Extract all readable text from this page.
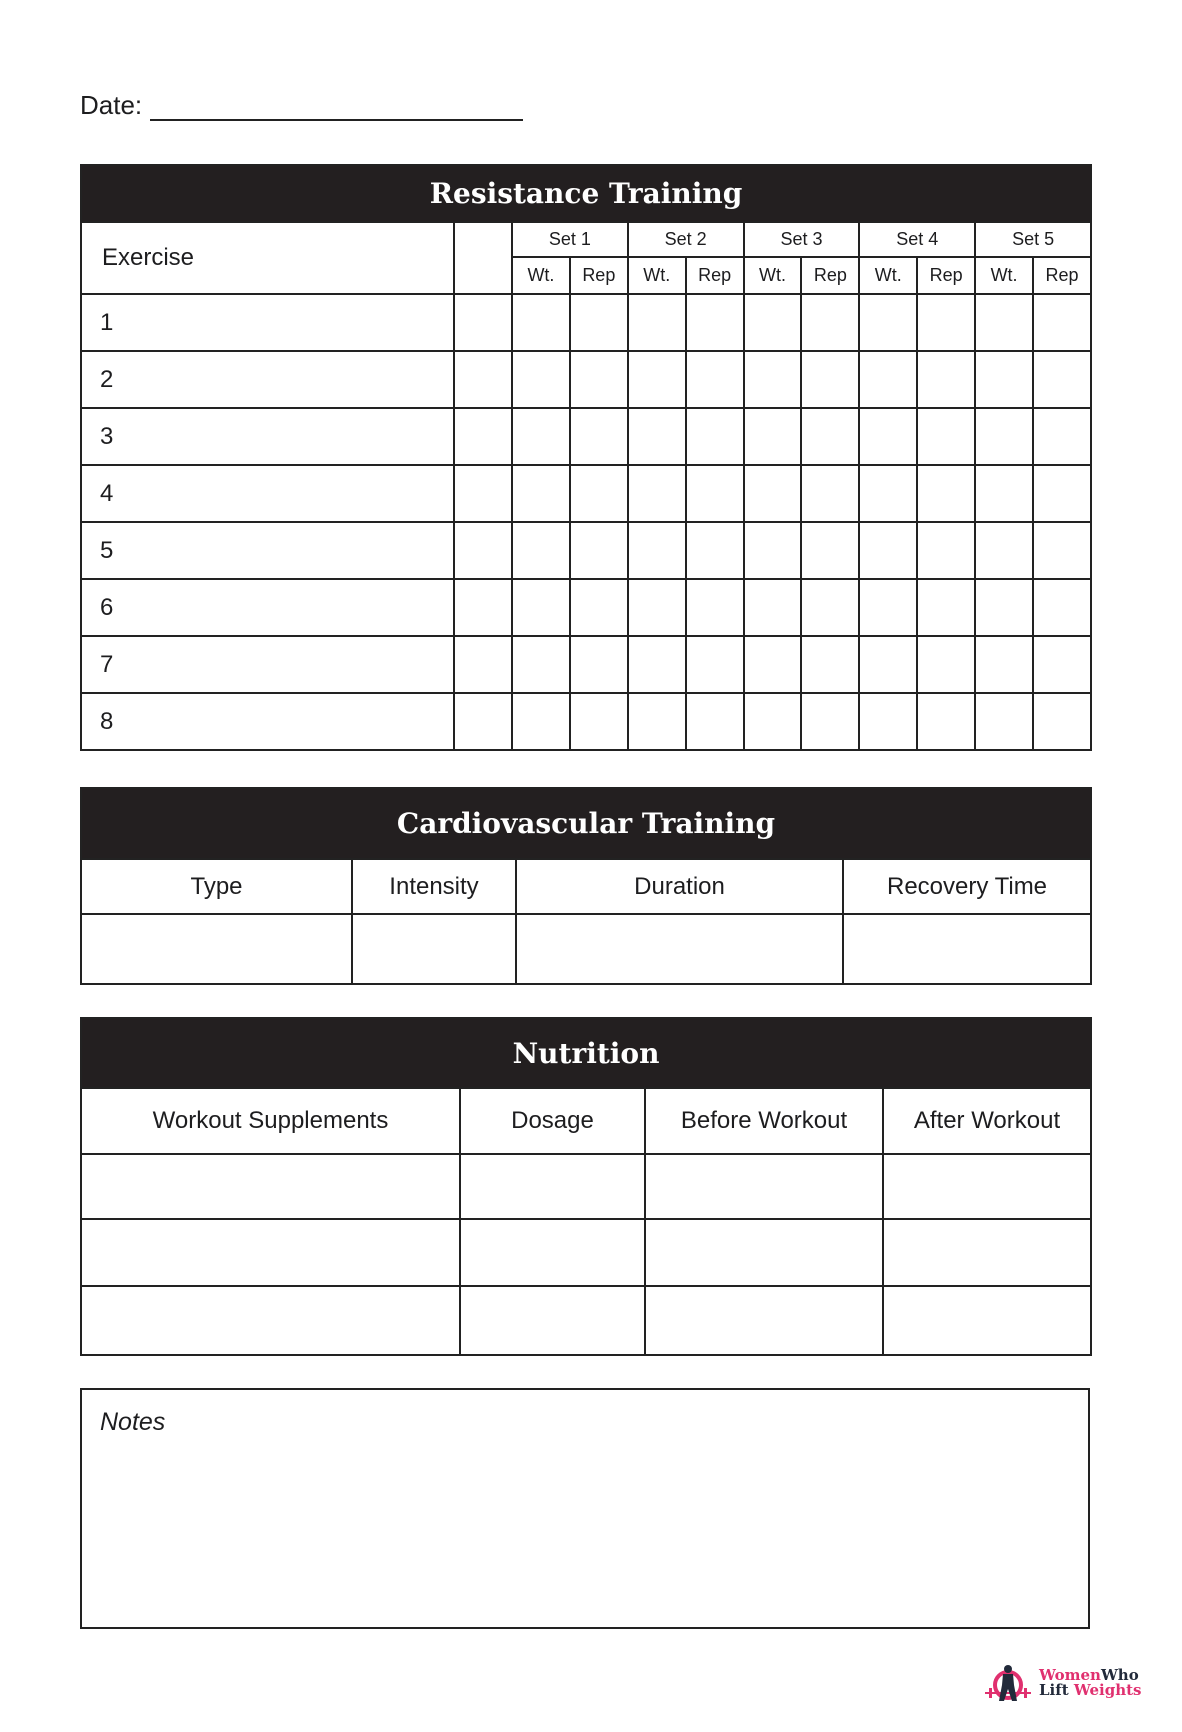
Date:
Resistance Training											
Exercise		Set 1		Set 2		Set 3		Set 4		Set 5	
		Wt.	Rep	Wt.	Rep	Wt.	Rep	Wt.	Rep	Wt.	Rep
1											
2											
3											
4											
5											
6											
7											
8											
Cardiovascular Training			
Type	Intensity	Duration	Recovery Time

Nutrition			
Workout Supplements	Dosage	Before Workout	After Workout

Notes
WomenWho
Lift Weights
